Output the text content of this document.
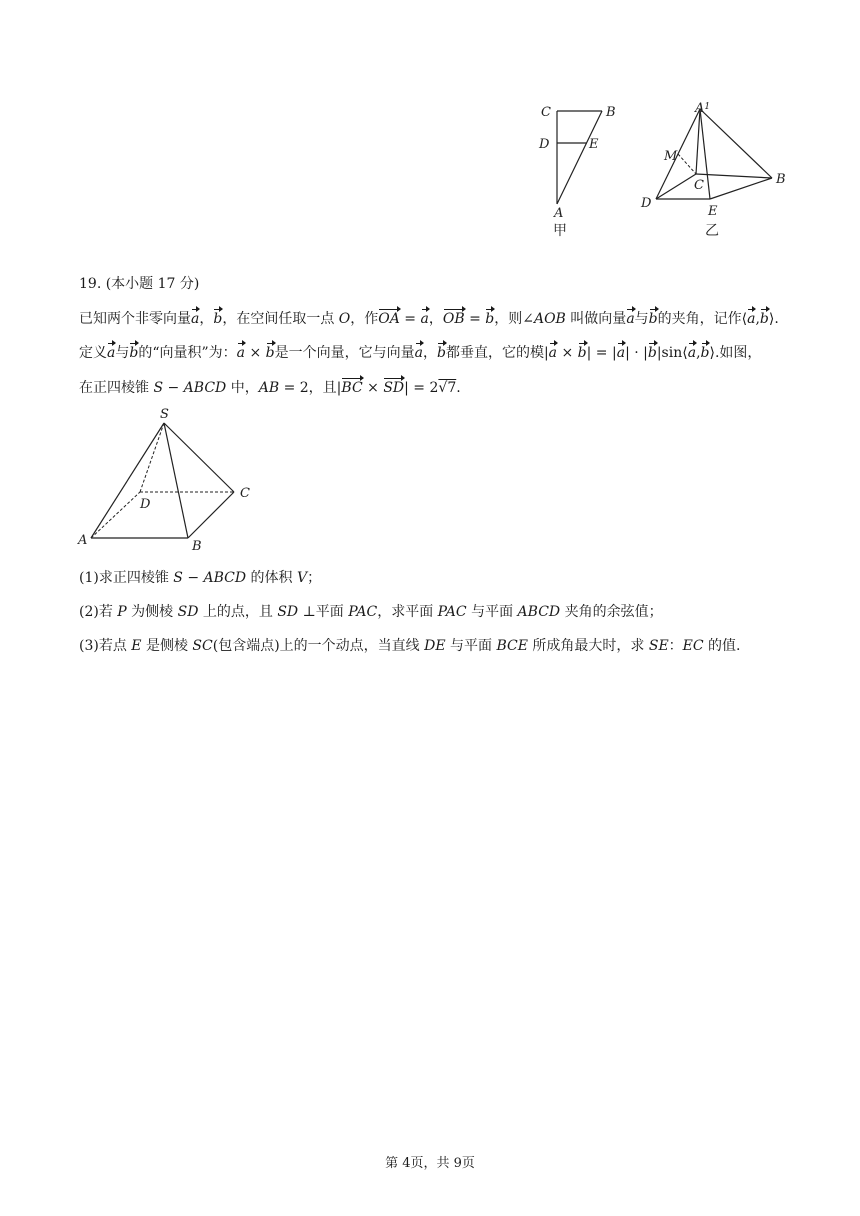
C	B
D	E
A
甲
$A^1$
M
C	B
D
E
乙
19. (本小题 17 分)
已知两个非零向量a，b，在空间任取一点 O，作OA = a，OB = b，则∠AOB 叫做向量a与b的夹角，记作⟨a,b⟩.
定义a与b的“向量积”为：a × b是一个向量，它与向量a，b都垂直，它的模|a × b| = |a| · |b|sin⟨a,b⟩.如图，
在正四棱锥 S − ABCD 中，AB = 2，且|BC × SD| = 2√7.
S
D
C
A	B
(1)求正四棱锥 S − ABCD 的体积 V；
(2)若 P 为侧棱 SD 上的点，且 SD ⊥平面 PAC，求平面 PAC 与平面 ABCD 夹角的余弦值；
(3)若点 E 是侧棱 SC(包含端点)上的一个动点，当直线 DE 与平面 BCE 所成角最大时，求 SE：EC 的值.
第 4页，共 9页
